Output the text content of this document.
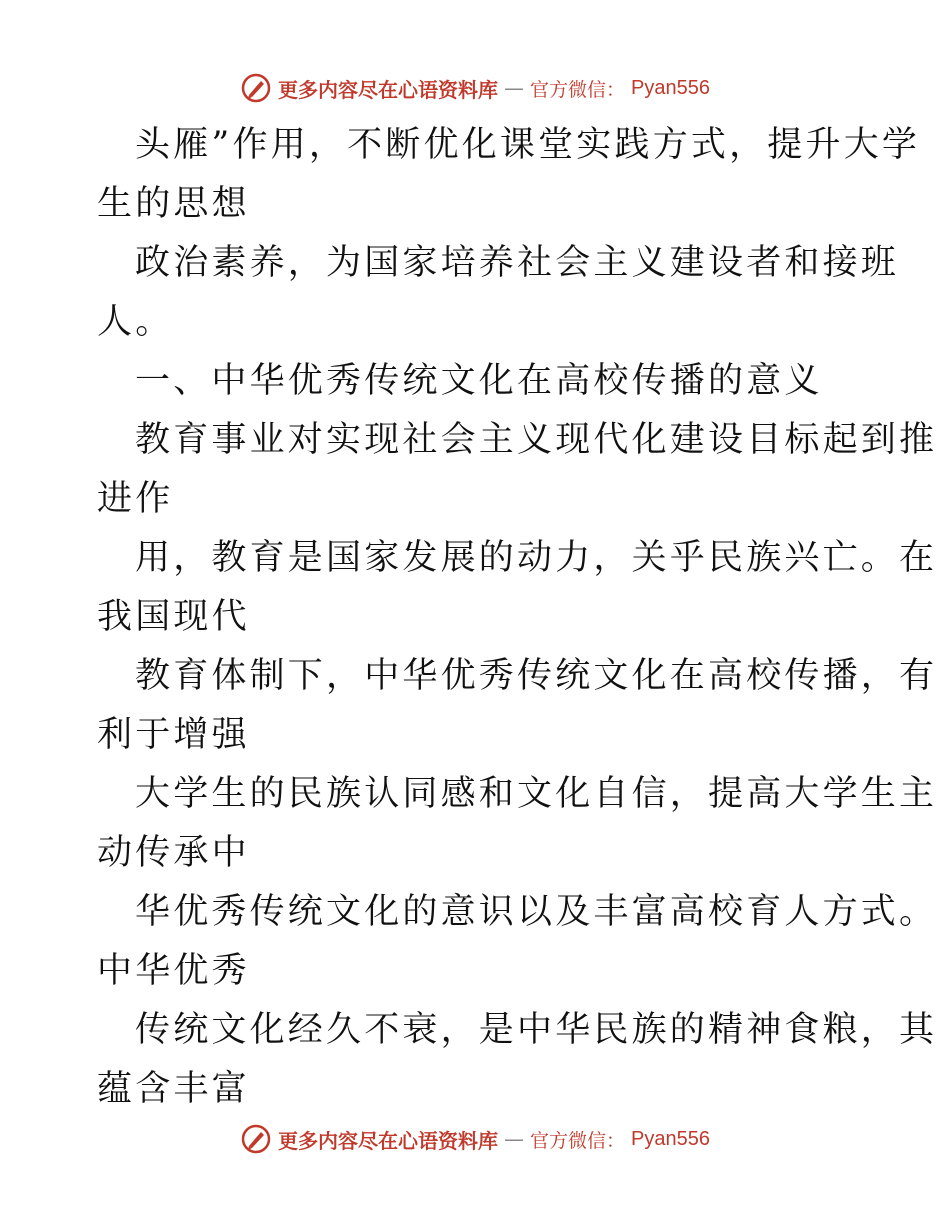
更多内容尽在心语资料库 — 官方微信： Pyan556
头雁”作用，不断优化课堂实践方式，提升大学
生的思想
政治素养，为国家培养社会主义建设者和接班
人。
一、中华优秀传统文化在高校传播的意义
教育事业对实现社会主义现代化建设目标起到推
进作
用，教育是国家发展的动力，关乎民族兴亡。在
我国现代
教育体制下，中华优秀传统文化在高校传播，有
利于增强
大学生的民族认同感和文化自信，提高大学生主
动传承中
华优秀传统文化的意识以及丰富高校育人方式。
中华优秀
传统文化经久不衰，是中华民族的精神食粮，其
蕴含丰富
更多内容尽在心语资料库 — 官方微信： Pyan556
